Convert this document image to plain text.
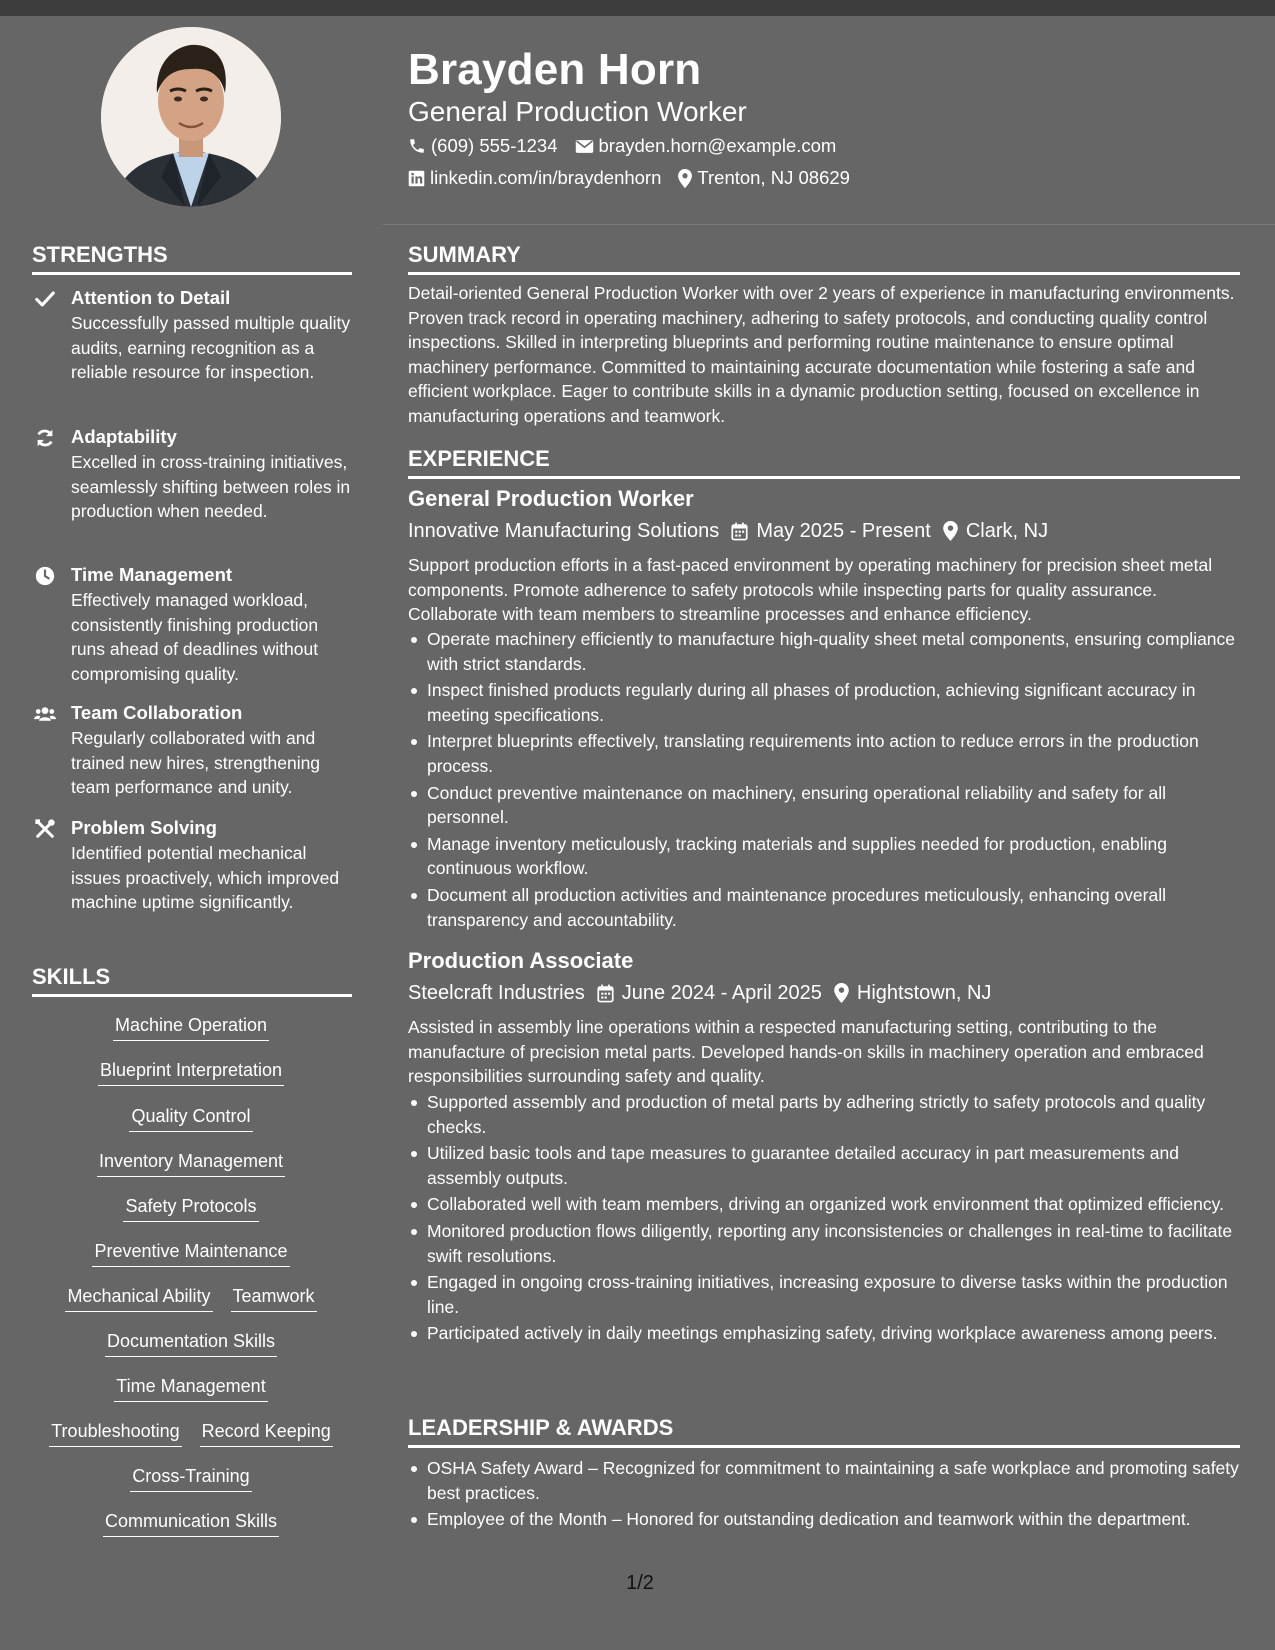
Brayden Horn
General Production Worker
(609) 555-1234 brayden.horn@example.com
linkedin.com/in/braydenhorn Trenton, NJ 08629
STRENGTHS
Attention to Detail
Successfully passed multiple quality audits, earning recognition as a reliable resource for inspection.
Adaptability
Excelled in cross-training initiatives, seamlessly shifting between roles in production when needed.
Time Management
Effectively managed workload, consistently finishing production runs ahead of deadlines without compromising quality.
Team Collaboration
Regularly collaborated with and trained new hires, strengthening team performance and unity.
Problem Solving
Identified potential mechanical issues proactively, which improved machine uptime significantly.
SKILLS
Machine Operation
Blueprint Interpretation
Quality Control
Inventory Management
Safety Protocols
Preventive Maintenance
Mechanical Ability Teamwork
Documentation Skills
Time Management
Troubleshooting Record Keeping
Cross-Training
Communication Skills
SUMMARY
Detail-oriented General Production Worker with over 2 years of experience in manufacturing environments. Proven track record in operating machinery, adhering to safety protocols, and conducting quality control inspections. Skilled in interpreting blueprints and performing routine maintenance to ensure optimal machinery performance. Committed to maintaining accurate documentation while fostering a safe and efficient workplace. Eager to contribute skills in a dynamic production setting, focused on excellence in manufacturing operations and teamwork.
EXPERIENCE
General Production Worker
Innovative Manufacturing Solutions May 2025 - Present Clark, NJ
Support production efforts in a fast-paced environment by operating machinery for precision sheet metal components. Promote adherence to safety protocols while inspecting parts for quality assurance. Collaborate with team members to streamline processes and enhance efficiency.
Operate machinery efficiently to manufacture high-quality sheet metal components, ensuring compliance with strict standards.
Inspect finished products regularly during all phases of production, achieving significant accuracy in meeting specifications.
Interpret blueprints effectively, translating requirements into action to reduce errors in the production process.
Conduct preventive maintenance on machinery, ensuring operational reliability and safety for all personnel.
Manage inventory meticulously, tracking materials and supplies needed for production, enabling continuous workflow.
Document all production activities and maintenance procedures meticulously, enhancing overall transparency and accountability.
Production Associate
Steelcraft Industries June 2024 - April 2025 Hightstown, NJ
Assisted in assembly line operations within a respected manufacturing setting, contributing to the manufacture of precision metal parts. Developed hands-on skills in machinery operation and embraced responsibilities surrounding safety and quality.
Supported assembly and production of metal parts by adhering strictly to safety protocols and quality checks.
Utilized basic tools and tape measures to guarantee detailed accuracy in part measurements and assembly outputs.
Collaborated well with team members, driving an organized work environment that optimized efficiency.
Monitored production flows diligently, reporting any inconsistencies or challenges in real-time to facilitate swift resolutions.
Engaged in ongoing cross-training initiatives, increasing exposure to diverse tasks within the production line.
Participated actively in daily meetings emphasizing safety, driving workplace awareness among peers.
LEADERSHIP & AWARDS
OSHA Safety Award – Recognized for commitment to maintaining a safe workplace and promoting safety best practices.
Employee of the Month – Honored for outstanding dedication and teamwork within the department.
1/2
